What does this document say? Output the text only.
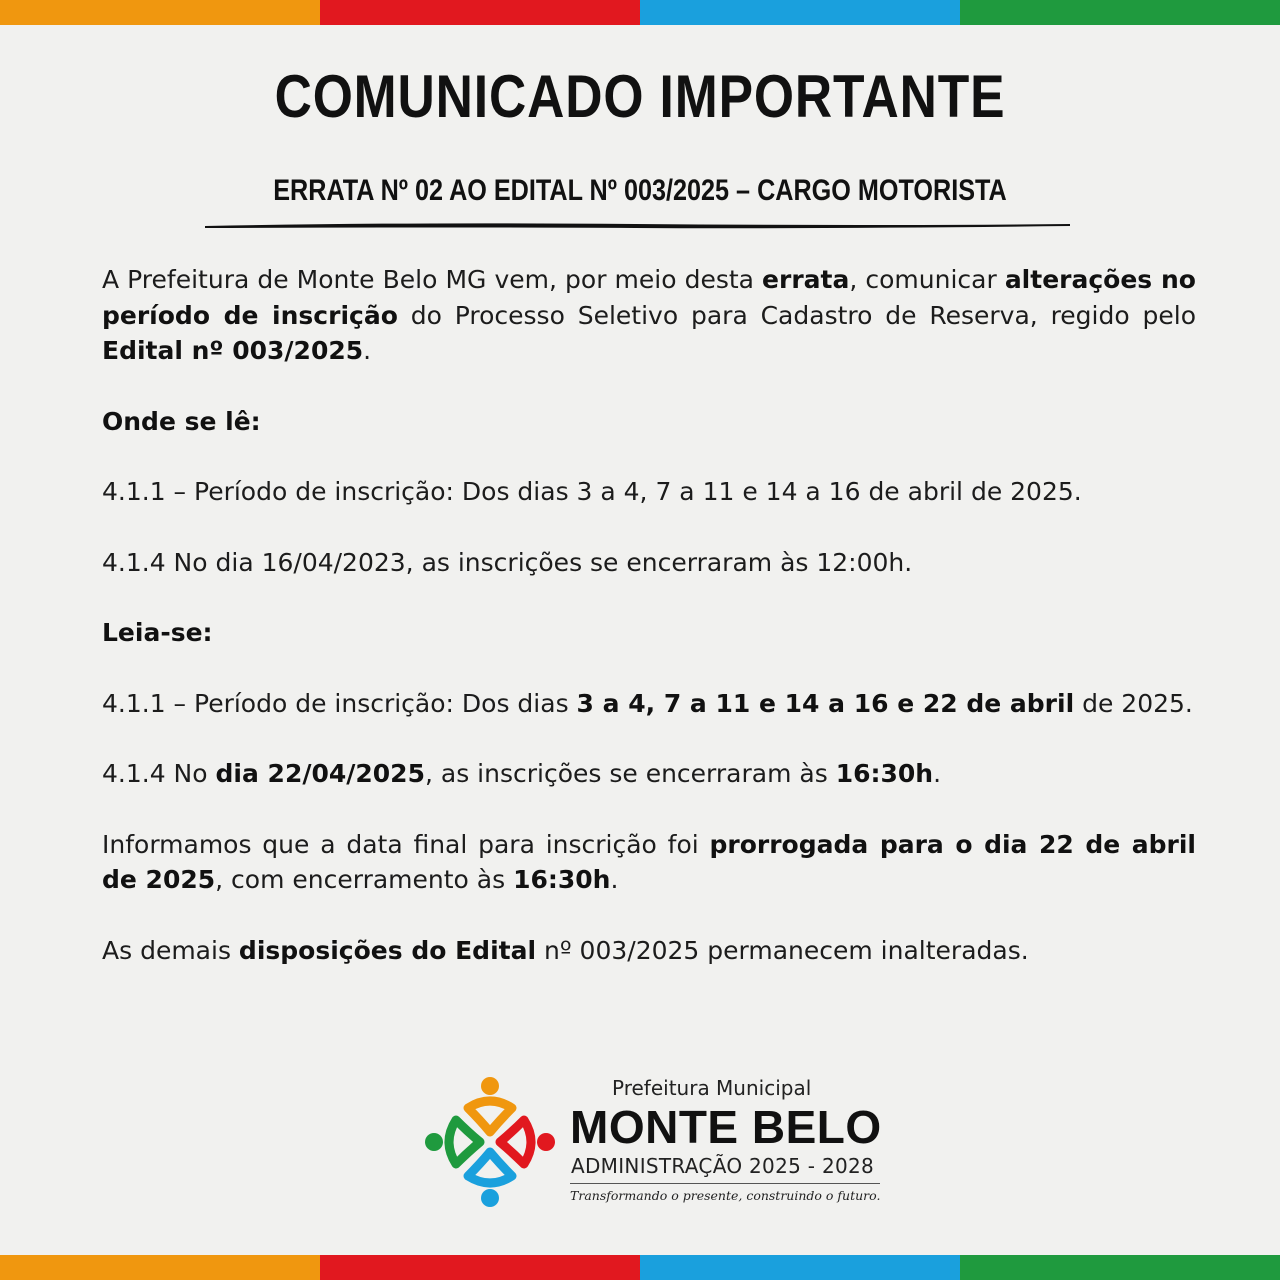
COMUNICADO IMPORTANTE
ERRATA Nº 02 AO EDITAL Nº 003/2025 – CARGO MOTORISTA

A Prefeitura de Monte Belo MG vem, por meio desta errata, comunicar alterações no período de inscrição do Processo Seletivo para Cadastro de Reserva, regido pelo Edital nº 003/2025.

Onde se lê:

4.1.1 – Período de inscrição: Dos dias 3 a 4, 7 a 11 e 14 a 16 de abril de 2025.

4.1.4 No dia 16/04/2023, as inscrições se encerraram às 12:00h.

Leia-se:

4.1.1 – Período de inscrição: Dos dias 3 a 4, 7 a 11 e 14 a 16 e 22 de abril de 2025.

4.1.4 No dia 22/04/2025, as inscrições se encerraram às 16:30h.

Informamos que a data final para inscrição foi prorrogada para o dia 22 de abril de 2025, com encerramento às 16:30h.

As demais disposições do Edital nº 003/2025 permanecem inalteradas.

Prefeitura Municipal
MONTE BELO
ADMINISTRAÇÃO 2025 - 2028
Transformando o presente, construindo o futuro.
